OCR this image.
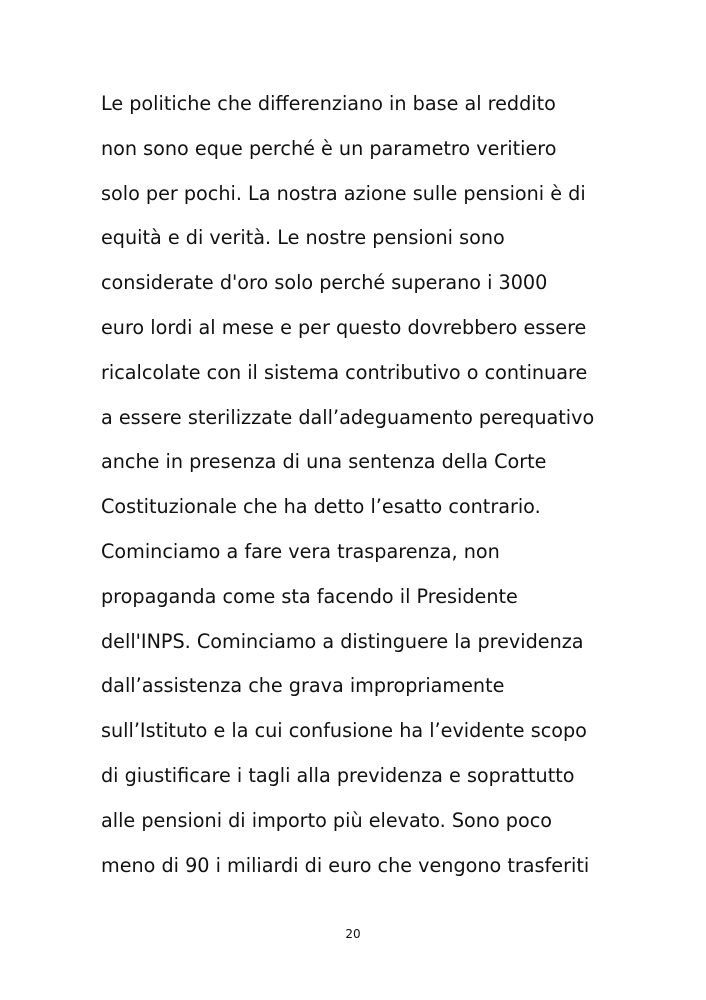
Le politiche che differenziano in base al reddito
non sono eque perché è un parametro veritiero
solo per pochi. La nostra azione sulle pensioni è di
equità e di verità. Le nostre pensioni sono
considerate d'oro solo perché superano i 3000
euro lordi al mese e per questo dovrebbero essere
ricalcolate con il sistema contributivo o continuare
a essere sterilizzate dall’adeguamento perequativo
anche in presenza di una sentenza della Corte
Costituzionale che ha detto l’esatto contrario.
Cominciamo a fare vera trasparenza, non
propaganda come sta facendo il Presidente
dell'INPS. Cominciamo a distinguere la previdenza
dall’assistenza che grava impropriamente
sull’Istituto e la cui confusione ha l’evidente scopo
di giustificare i tagli alla previdenza e soprattutto
alle pensioni di importo più elevato. Sono poco
meno di 90 i miliardi di euro che vengono trasferiti
20
